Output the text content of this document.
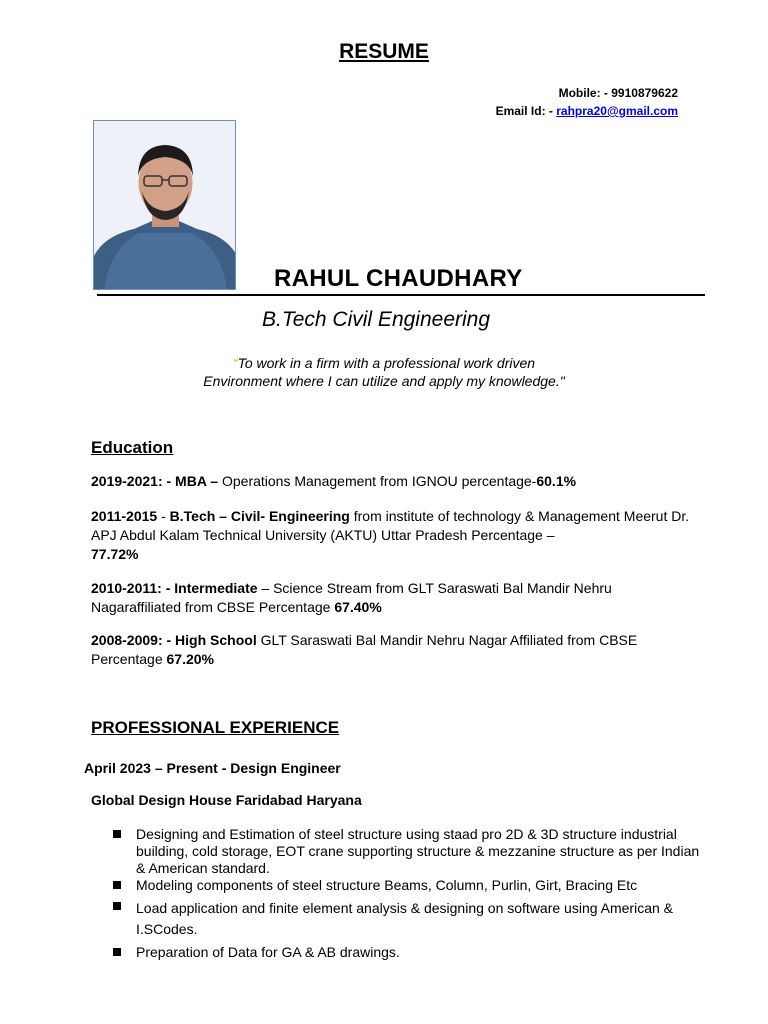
RESUME
Mobile: - 9910879622
Email Id: - rahpra20@gmail.com
RAHUL CHAUDHARY
B.Tech Civil Engineering
“To work in a firm with a professional work driven
Environment where I can utilize and apply my knowledge."
Education
2019-2021: - MBA – Operations Management from IGNOU percentage-60.1%
2011-2015 - B.Tech – Civil- Engineering from institute of technology & Management Meerut Dr. APJ Abdul Kalam Technical University (AKTU) Uttar Pradesh Percentage –
77.72%
2010-2011: - Intermediate – Science Stream from GLT Saraswati Bal Mandir Nehru Nagaraffiliated from CBSE Percentage 67.40%
2008-2009: - High School GLT Saraswati Bal Mandir Nehru Nagar Affiliated from CBSE Percentage 67.20%
PROFESSIONAL EXPERIENCE
April 2023 – Present - Design Engineer
Global Design House Faridabad Haryana
Designing and Estimation of steel structure using staad pro 2D & 3D structure industrial building, cold storage, EOT crane supporting structure & mezzanine structure as per Indian & American standard.
Modeling components of steel structure Beams, Column, Purlin, Girt, Bracing Etc
Load application and finite element analysis & designing on software using American & I.SCodes.
Preparation of Data for GA & AB drawings.
